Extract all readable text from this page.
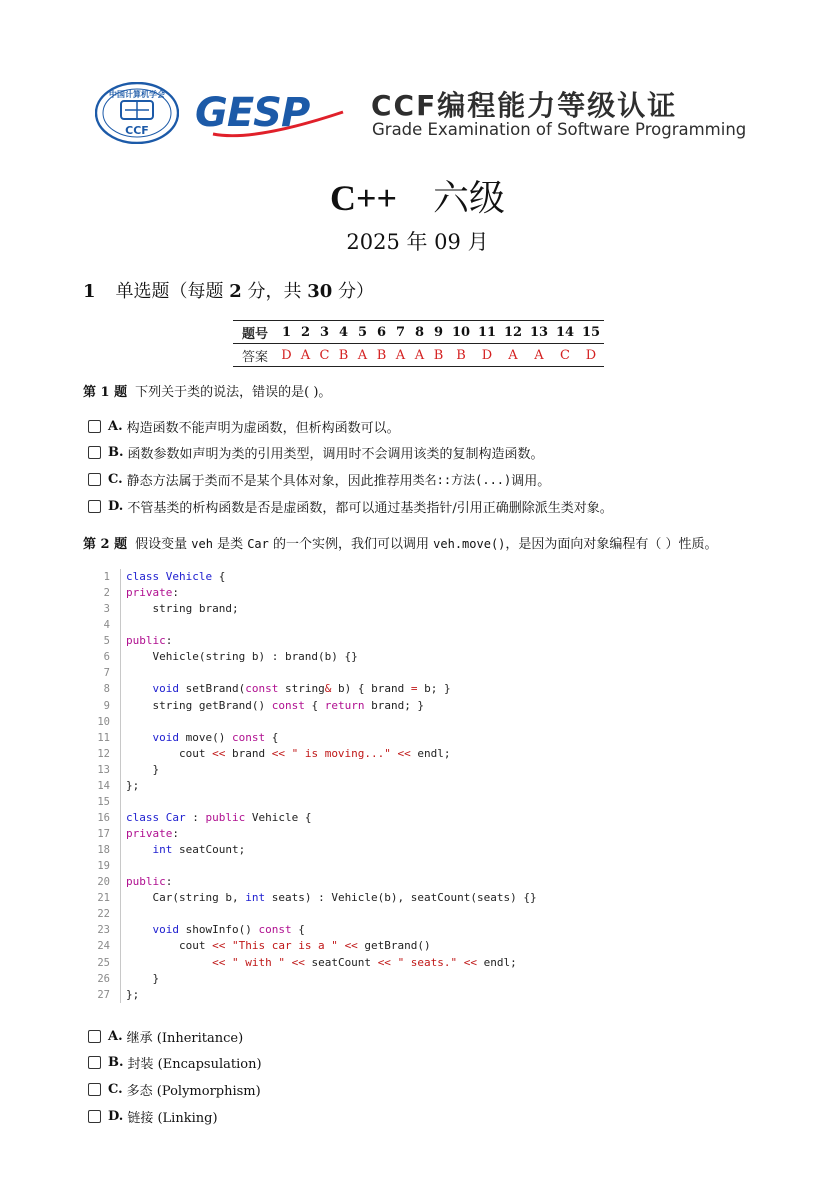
中国计算机学会
CCF GESP CCF编程能力等级认证
Grade Examination of Software Programming
C++ 六级
2025 年 09 月
1 单选题（每题 2 分，共 30 分）
题号	1	2	3	4	5	6	7	8	9	10	11	12	13	14	15
答案	D	A	C	B	A	B	A	A	B	B	D	A	A	C	D
第 1 题 下列关于类的说法，错误的是( )。
A. 构造函数不能声明为虚函数，但析构函数可以。
B. 函数参数如声明为类的引用类型，调用时不会调用该类的复制构造函数。
C. 静态方法属于类而不是某个具体对象，因此推荐用 类名::方法(...) 调用。
D. 不管基类的析构函数是否是虚函数，都可以通过基类指针/引用正确删除派生类对象。
第 2 题 假设变量 veh 是类 Car 的一个实例，我们可以调用 veh.move()，是因为面向对象编程有（ ）性质。
1 class Vehicle {
2 private:
3 string brand;
4
5 public:
6 Vehicle(string b) : brand(b) {}
7
8	void setBrand(const string& b) { brand = b; }
9 string getBrand() const { return brand; }
10
11	void move() const {
12 cout << brand << " is moving..." << endl;
13 }
14 };
15
16 class Car : public Vehicle {
17 private:
18	int seatCount;
19
20 public:
21 Car(string b, int seats) : Vehicle(b), seatCount(seats) {}
22
23	void showInfo() const {
24 cout << "This car is a " << getBrand()
25	<< " with " << seatCount << " seats." << endl;
26 }
27 };
A. 继承 (Inheritance)
B. 封装 (Encapsulation)
C. 多态 (Polymorphism)
D. 链接 (Linking)
